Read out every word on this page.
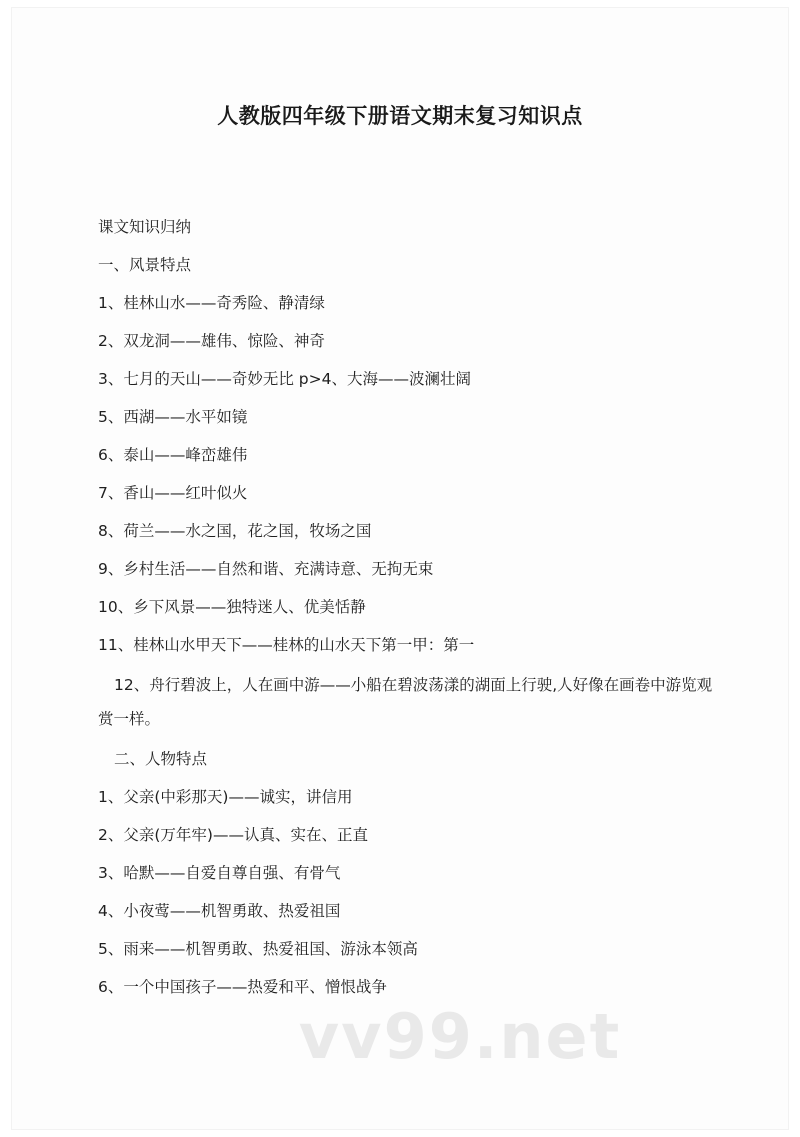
人教版四年级下册语文期末复习知识点
课文知识归纳
一、风景特点
1、桂林山水——奇秀险、静清绿
2、双龙洞——雄伟、惊险、神奇
3、七月的天山——奇妙无比 p>4、大海——波澜壮阔
5、西湖——水平如镜
6、泰山——峰峦雄伟
7、香山——红叶似火
8、荷兰——水之国，花之国，牧场之国
9、乡村生活——自然和谐、充满诗意、无拘无束
10、乡下风景——独特迷人、优美恬静
11、桂林山水甲天下——桂林的山水天下第一甲：第一
12、舟行碧波上，人在画中游——小船在碧波荡漾的湖面上行驶,人好像在画卷中游览观赏一样。
二、人物特点
1、父亲(中彩那天)——诚实，讲信用
2、父亲(万年牢)——认真、实在、正直
3、哈默——自爱自尊自强、有骨气
4、小夜莺——机智勇敢、热爱祖国
5、雨来——机智勇敢、热爱祖国、游泳本领高
6、一个中国孩子——热爱和平、憎恨战争
vv99.net
